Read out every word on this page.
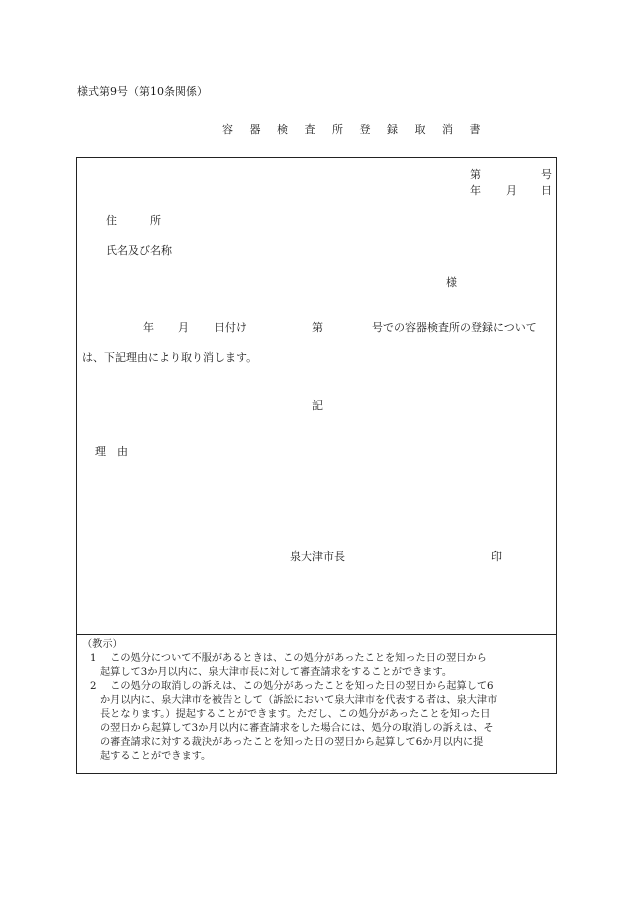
様式第9号（第10条関係）
容 器 検 査 所 登 録 取 消 書
第	号
年 月 日
住　　　所
氏名及び名称
様
年 月 日付け	第	号での容器検査所の登録について
は、下記理由により取り消します。
記
理　由
泉大津市長	印
（教示）
1　 この処分について不服があるときは、この処分があったことを知った日の翌日から
起算して3か月以内に、泉大津市長に対して審査請求をすることができます。
2　 この処分の取消しの訴えは、この処分があったことを知った日の翌日から起算して6
か月以内に、泉大津市を被告として（訴訟において泉大津市を代表する者は、泉大津市
長となります。）提起することができます。ただし、この処分があったことを知った日
の翌日から起算して3か月以内に審査請求をした場合には、処分の取消しの訴えは、そ
の審査請求に対する裁決があったことを知った日の翌日から起算して6か月以内に提
起することができます。
